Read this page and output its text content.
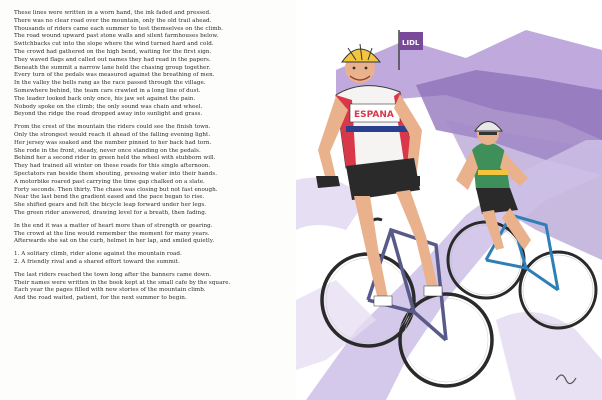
These lines were written in a worn hand, the ink faded and pressed.
There was no clear road over the mountain, only the old trail ahead.
Thousands of riders came each summer to test themselves on the climb.
The road wound upward past stone walls and silent farmhouses below.
Switchbacks cut into the slope where the wind turned hard and cold.
The crowd had gathered on the high bend, waiting for the first sign.
They waved flags and called out names they had read in the papers.
Beneath the summit a narrow lane held the chasing group together.
Every turn of the pedals was measured against the breathing of men.
In the valley the bells rang as the race passed through the village.
Somewhere behind, the team cars crawled in a long line of dust.
The leader looked back only once, his jaw set against the pain.
Nobody spoke on the climb; the only sound was chain and wheel.
Beyond the ridge the road dropped away into sunlight and grass.
From the crest of the mountain the riders could see the finish town.
Only the strongest would reach it ahead of the falling evening light.
Her jersey was soaked and the number pinned to her back had torn.
She rode in the front, steady, never once standing on the pedals.
Behind her a second rider in green held the wheel with stubborn will.
They had trained all winter on these roads for this single afternoon.
Spectators ran beside them shouting, pressing water into their hands.
A motorbike roared past carrying the time gap chalked on a slate.
Forty seconds. Then thirty. The chase was closing but not fast enough.
Near the last bend the gradient eased and the pace began to rise.
She shifted gears and felt the bicycle leap forward under her legs.
The green rider answered, drawing level for a breath, then fading.
In the end it was a matter of heart more than of strength or gearing.
The crowd at the line would remember the moment for many years.
Afterwards she sat on the curb, helmet in her lap, and smiled quietly.
1. A solitary climb, rider alone against the mountain road.
2. A friendly rival and a shared effort toward the summit.
The last riders reached the town long after the banners came down.
Their names were written in the book kept at the small cafe by the square.
Each year the pages filled with new stories of the mountain climb.
And the road waited, patient, for the next summer to begin.
LIDL
ESPANA
